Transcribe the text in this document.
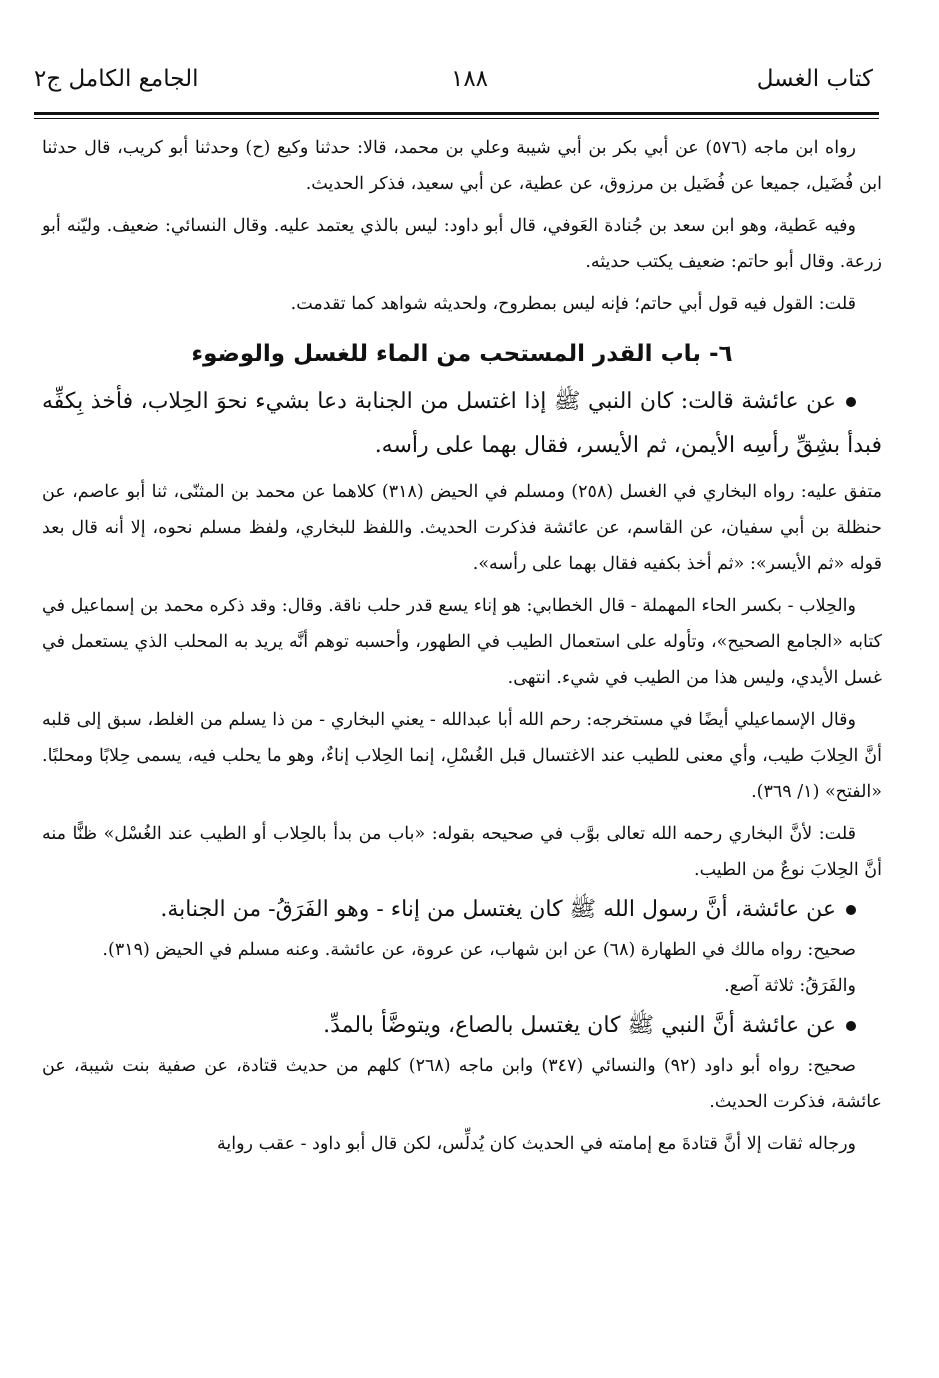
كتاب الغسل
١٨٨
الجامع الكامل ج٢

رواه ابن ماجه (٥٧٦) عن أبي بكر بن أبي شيبة وعلي بن محمد، قالا: حدثنا وكيع (ح) وحدثنا أبو كريب، قال حدثنا ابن فُضَيل، جميعا عن فُضَيل بن مرزوق، عن عطية، عن أبي سعيد، فذكر الحديث.

وفيه عَطية، وهو ابن سعد بن جُنادة العَوفي، قال أبو داود: ليس بالذي يعتمد عليه. وقال النسائي: ضعيف. وليّنه أبو زرعة. وقال أبو حاتم: ضعيف يكتب حديثه.

قلت: القول فيه قول أبي حاتم؛ فإنه ليس بمطروح، ولحديثه شواهد كما تقدمت.

٦- باب القدر المستحب من الماء للغسل والوضوء

عن عائشة قالت: كان النبي ﷺ إذا اغتسل من الجنابة دعا بشيء نحوَ الحِلاب، فأخذ بِكفِّه فبدأ بشِقِّ رأسِه الأيمن، ثم الأيسر، فقال بهما على رأسه.

متفق عليه: رواه البخاري في الغسل (٢٥٨) ومسلم في الحيض (٣١٨) كلاهما عن محمد بن المثنّى، ثنا أبو عاصم، عن حنظلة بن أبي سفيان، عن القاسم، عن عائشة فذكرت الحديث. واللفظ للبخاري، ولفظ مسلم نحوه، إلا أنه قال بعد قوله «ثم الأيسر»: «ثم أخذ بكفيه فقال بهما على رأسه».

والحِلاب - بكسر الحاء المهملة - قال الخطابي: هو إناء يسع قدر حلب ناقة. وقال: وقد ذكره محمد بن إسماعيل في كتابه «الجامع الصحيح»، وتأوله على استعمال الطيب في الطهور، وأحسبه توهم أنَّه يريد به المحلب الذي يستعمل في غسل الأيدي، وليس هذا من الطيب في شيء. انتهى.

وقال الإسماعيلي أيضًا في مستخرجه: رحم الله أبا عبدالله - يعني البخاري - من ذا يسلم من الغلط، سبق إلى قلبه أنَّ الحِلابَ طيب، وأي معنى للطيب عند الاغتسال قبل الغُسْلِ، إنما الحِلاب إناءٌ، وهو ما يحلب فيه، يسمى حِلابًا ومحلبًا. «الفتح» (١/ ٣٦٩).

قلت: لأنَّ البخاري رحمه الله تعالى بوَّب في صحيحه بقوله: «باب من بدأ بالحِلاب أو الطيب عند الغُسْل» ظنًّا منه أنَّ الحِلابَ نوعٌ من الطيب.

عن عائشة، أنَّ رسول الله ﷺ كان يغتسل من إناء - وهو الفَرَقُ- من الجنابة.

صحيح: رواه مالك في الطهارة (٦٨) عن ابن شهاب، عن عروة، عن عائشة. وعنه مسلم في الحيض (٣١٩).

والفَرَقُ: ثلاثة آصع.

عن عائشة أنَّ النبي ﷺ كان يغتسل بالصاع، ويتوضَّأ بالمدِّ.

صحيح: رواه أبو داود (٩٢) والنسائي (٣٤٧) وابن ماجه (٢٦٨) كلهم من حديث قتادة، عن صفية بنت شيبة، عن عائشة، فذكرت الحديث.

ورجاله ثقات إلا أنَّ قتادةَ مع إمامته في الحديث كان يُدلِّس، لكن قال أبو داود - عقب رواية
